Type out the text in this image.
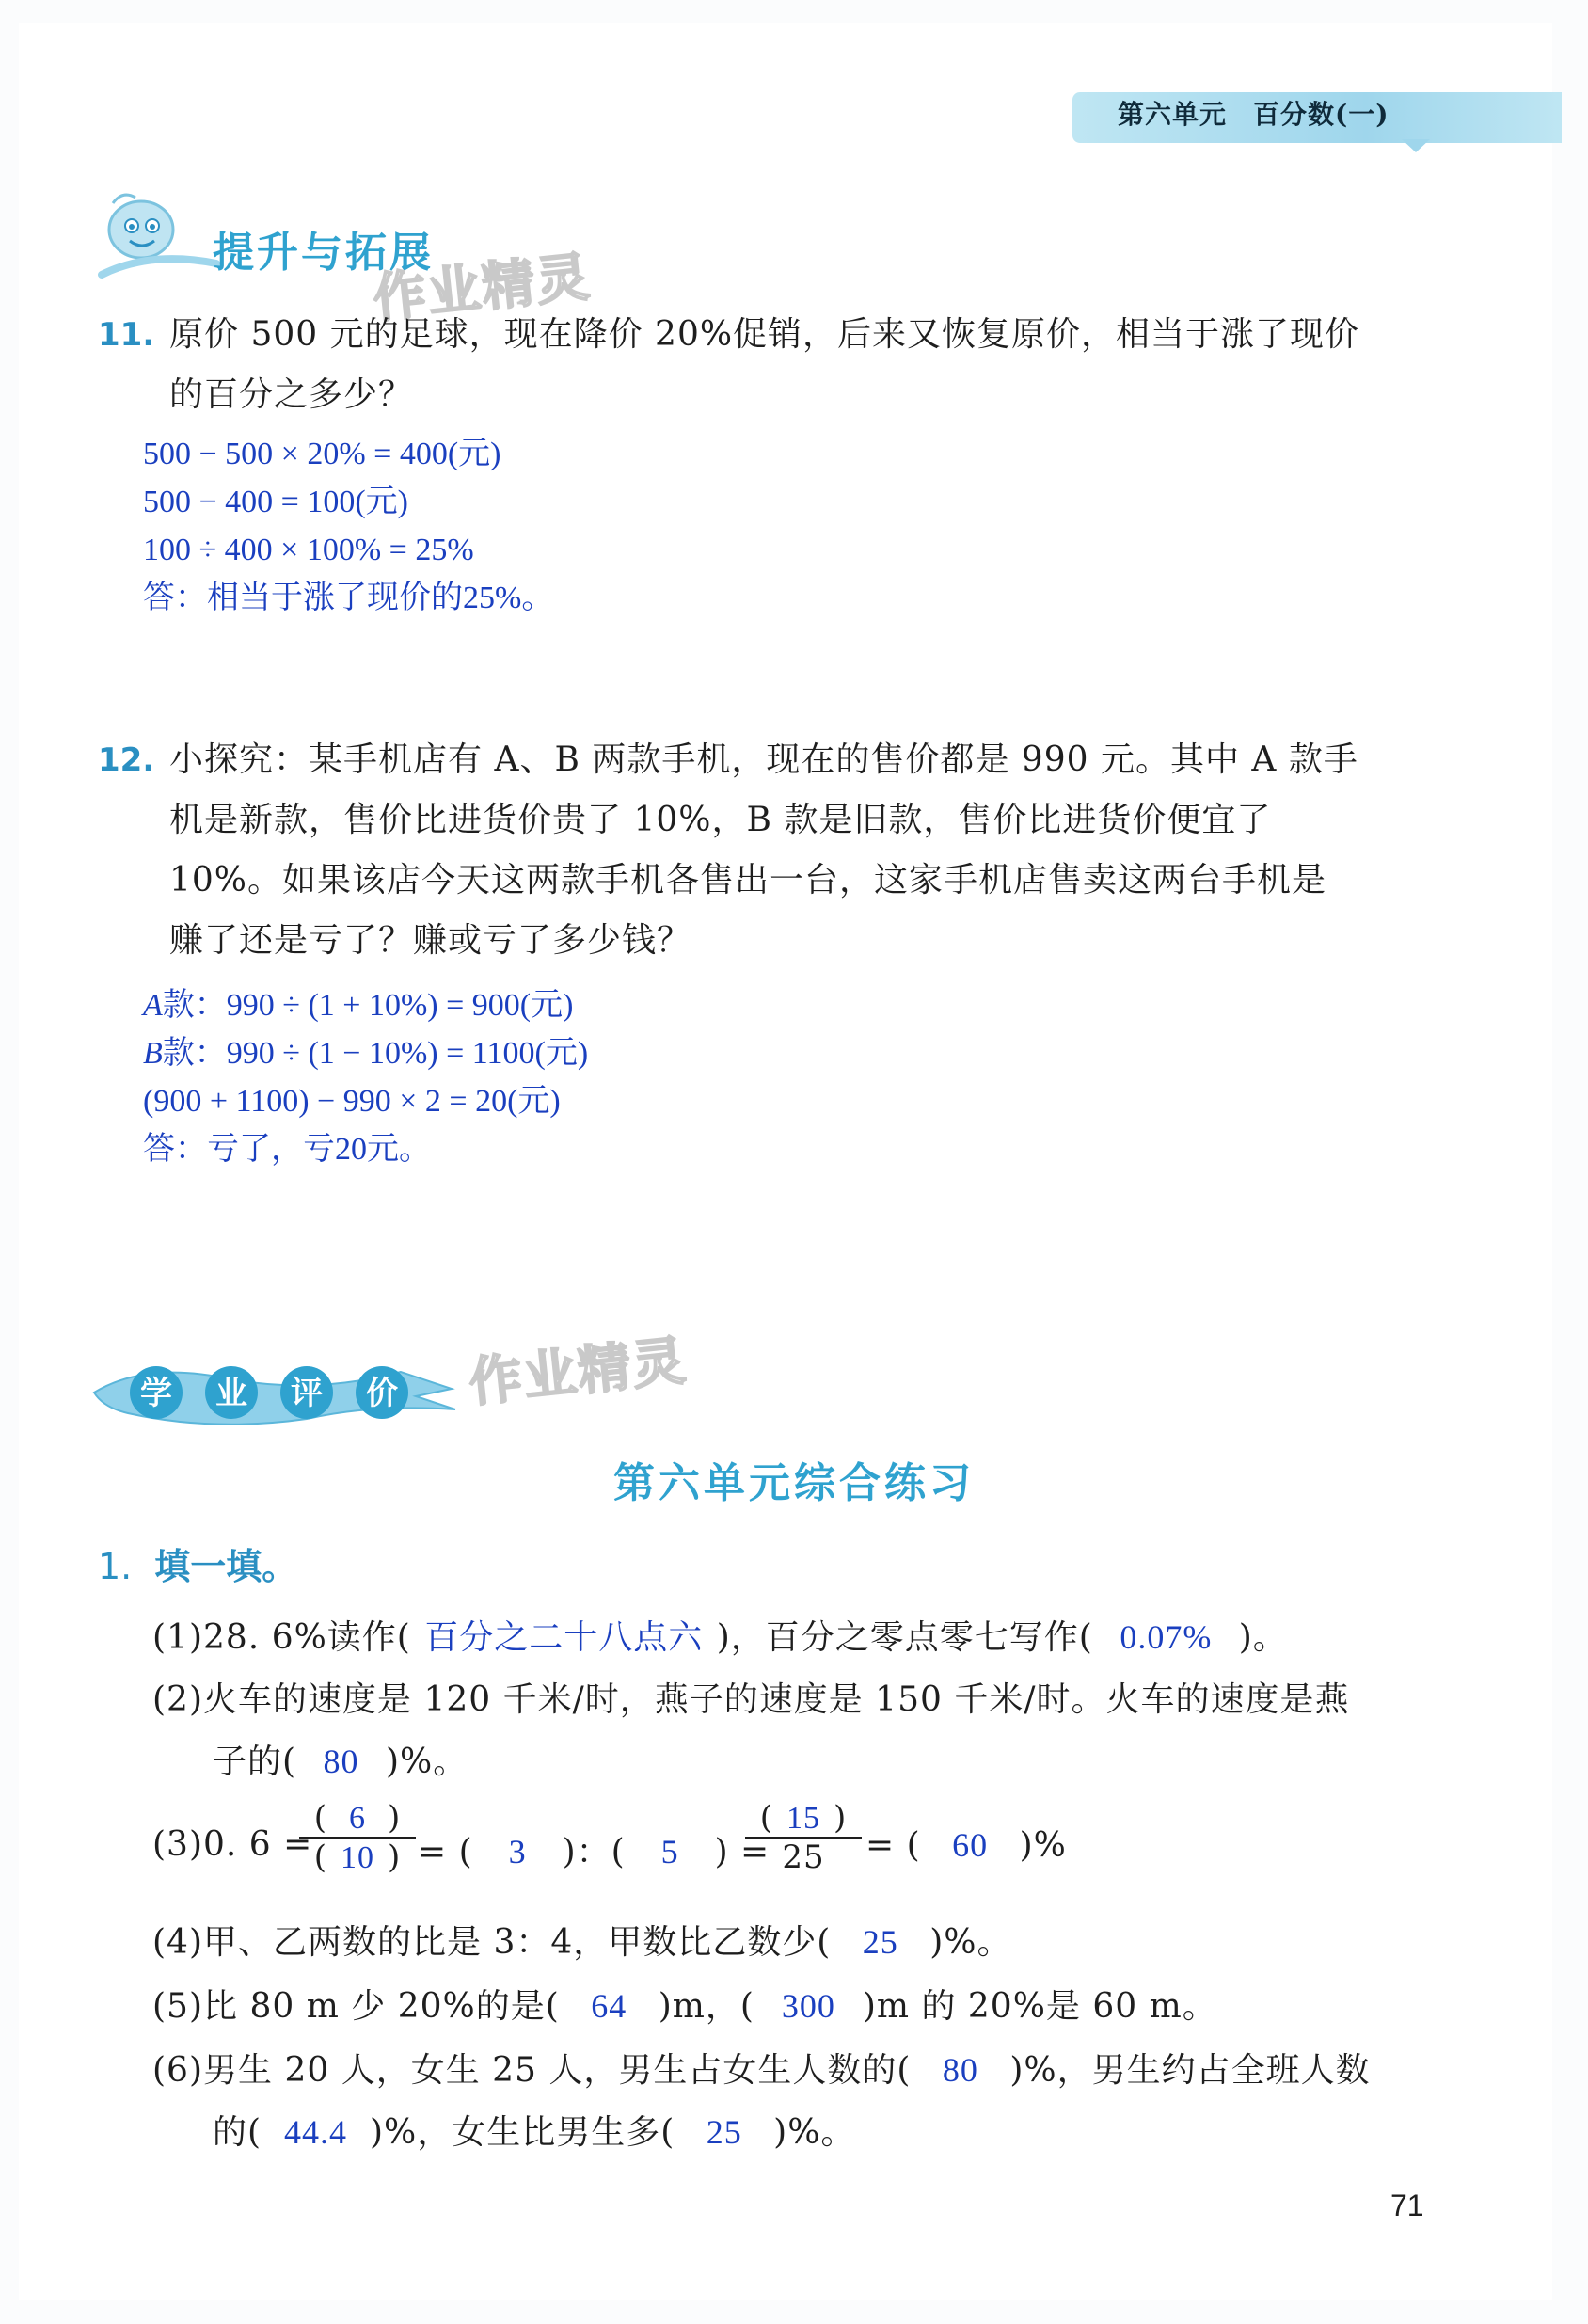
第六单元 百分数(一)
提升与拓展
作业精灵
11. 原价 500 元的足球，现在降价 20%促销，后来又恢复原价，相当于涨了现价
的百分之多少？
500 − 500 × 20% = 400(元)
500 − 400 = 100(元)
100 ÷ 400 × 100% = 25%
答：相当于涨了现价的25%。
12. 小探究：某手机店有 A、B 两款手机，现在的售价都是 990 元。其中 A 款手
机是新款，售价比进货价贵了 10%，B 款是旧款，售价比进货价便宜了
10%。如果该店今天这两款手机各售出一台，这家手机店售卖这两台手机是
赚了还是亏了？赚或亏了多少钱？
A款：990 ÷ (1 + 10%) = 900(元)
B款：990 ÷ (1 − 10%) = 1100(元)
(900 + 1100) − 990 × 2 = 20(元)
答：亏了，亏20元。
学 业 评 价 作业精灵
第六单元综合练习
1. 填一填。
(1)28. 6%读作( 百分之二十八点六 )，百分之零点零七写作( 0.07% )。
(2)火车的速度是 120 千米/时，燕子的速度是 150 千米/时。火车的速度是燕
子的( 80 )%。
(3)0. 6 =
( 6 )
( 10 ) = ( 3 )：( 5 ) =
( 15 )
25	= ( 60 )%
(4)甲、乙两数的比是 3：4，甲数比乙数少( 25 )%。
(5)比 80 m 少 20%的是( 64 )m，( 300 )m 的 20%是 60 m。
(6)男生 20 人，女生 25 人，男生占女生人数的( 80 )%，男生约占全班人数
的( 44.4 )%，女生比男生多( 25 )%。
71
